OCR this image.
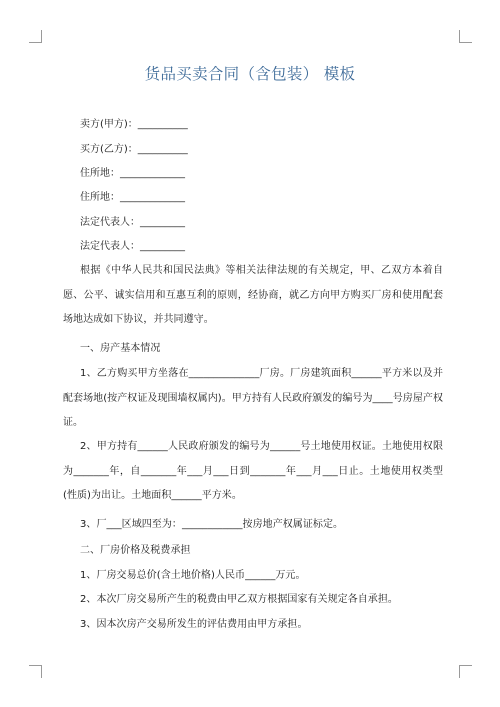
货品买卖合同（含包装） 模板
卖方(甲方)：__________
买方(乙方)：__________
住所地：_____________
住所地：_____________
法定代表人：_________
法定代表人：_________
根据《中华人民共和国民法典》等相关法律法规的有关规定，甲、乙双方本着自愿、公平、诚实信用和互惠互利的原则，经协商，就乙方向甲方购买厂房和使用配套场地达成如下协议，并共同遵守。
一、房产基本情况
1、乙方购买甲方坐落在______________厂房。厂房建筑面积______平方米以及并配套场地(按产权证及现围墙权属内)。甲方持有人民政府颁发的编号为____号房屋产权证。
2、甲方持有______人民政府颁发的编号为______号土地使用权证。土地使用权限为_______年，自_______年___月___日到_______年___月___日止。土地使用权类型(性质)为出让。土地面积______平方米。
3、厂___区域四至为：____________按房地产权属证标定。
二、厂房价格及税费承担
1、厂房交易总价(含土地价格)人民币______万元。
2、本次厂房交易所产生的税费由甲乙双方根据国家有关规定各自承担。
3、因本次房产交易所发生的评估费用由甲方承担。
